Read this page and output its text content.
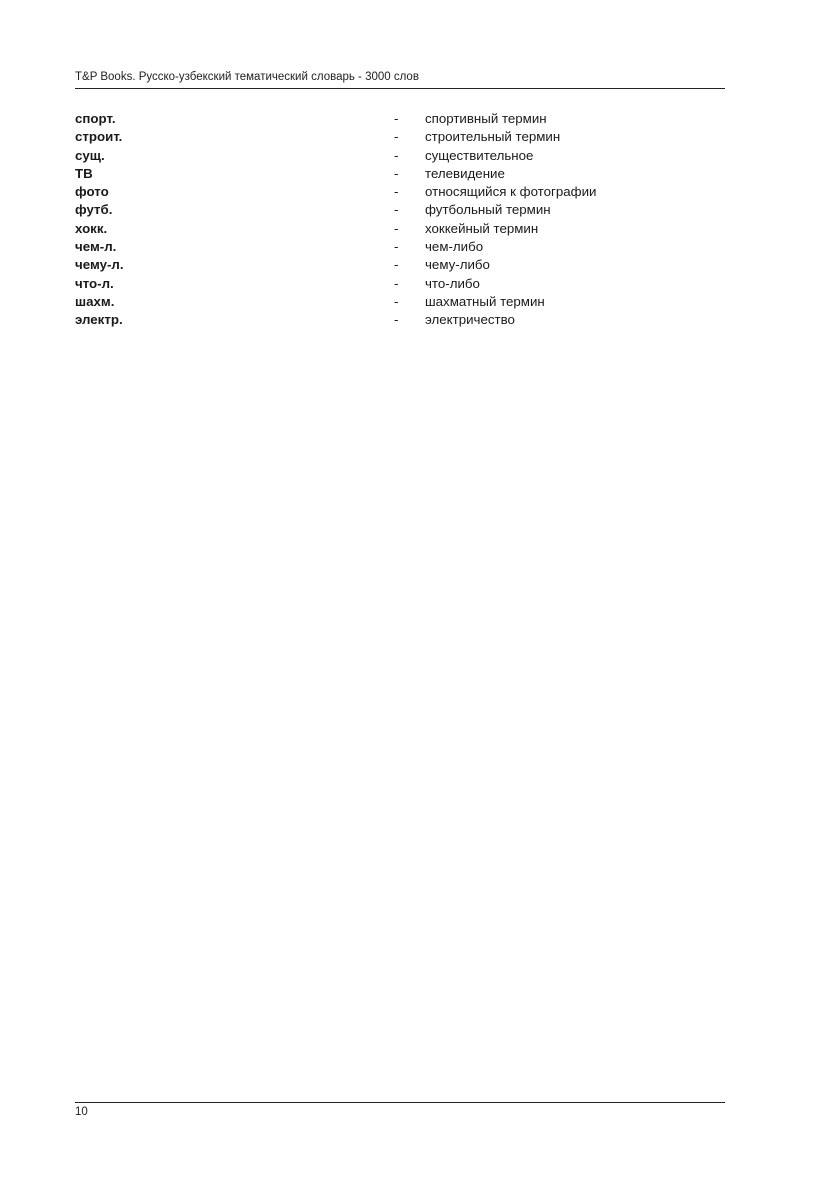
T&P Books. Русско-узбекский тематический словарь - 3000 слов
спорт.	- спортивный термин
строит.	- строительный термин
сущ.	- существительное
ТВ	- телевидение
фото	- относящийся к фотографии
футб.	- футбольный термин
хокк.	- хоккейный термин
чем-л.	- чем-либо
чему-л.	- чему-либо
что-л.	- что-либо
шахм.	- шахматный термин
электр.	- электричество
10
